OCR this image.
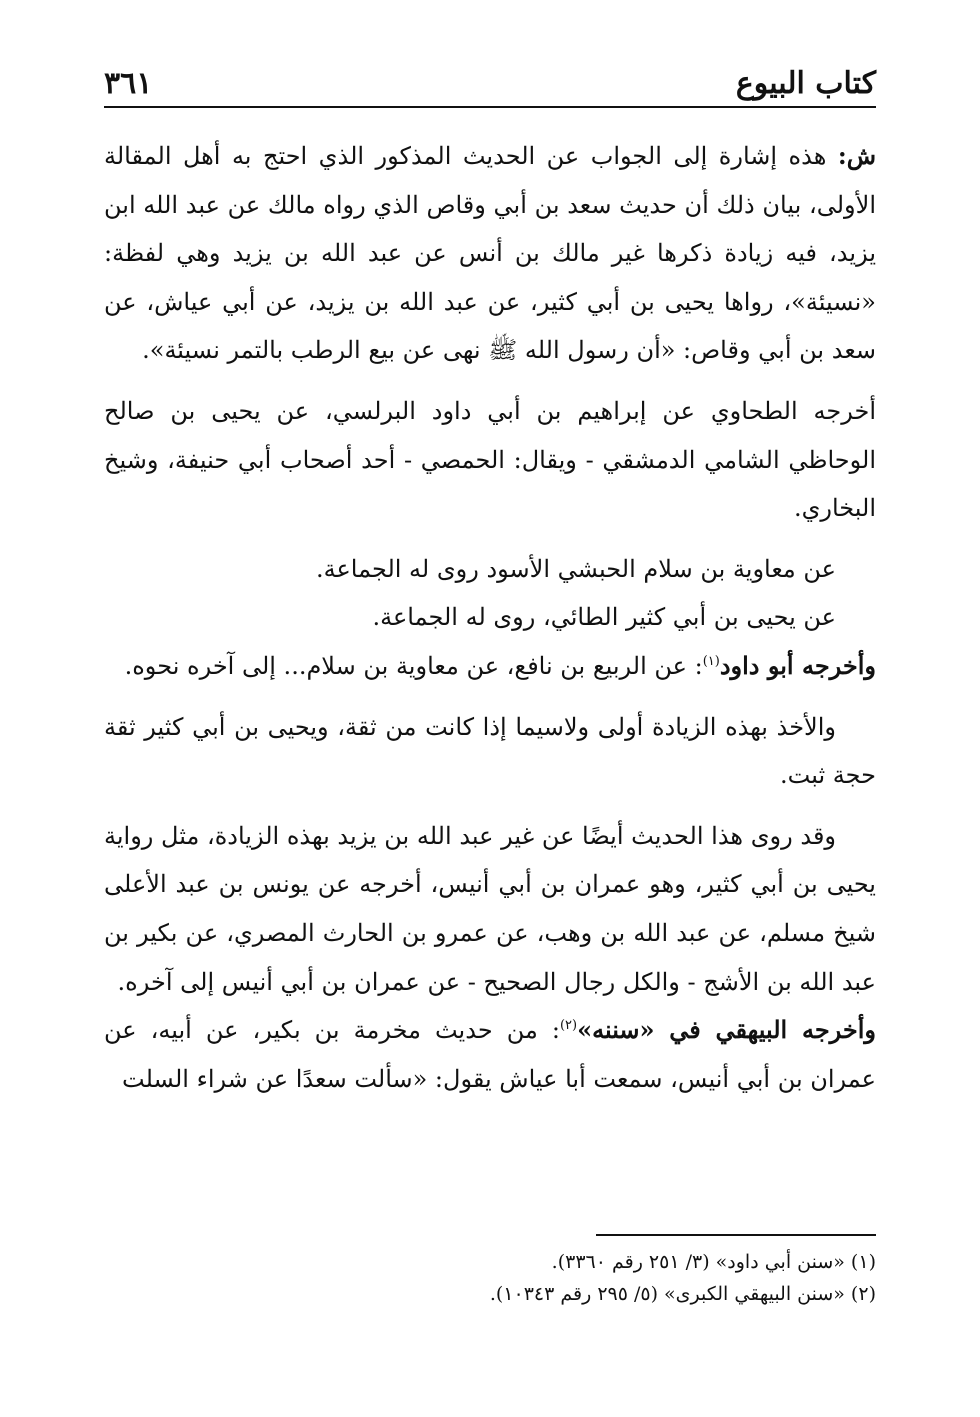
كتاب البيوع
٣٦١

ش: هذه إشارة إلى الجواب عن الحديث المذكور الذي احتج به أهل المقالة الأولى، بيان ذلك أن حديث سعد بن أبي وقاص الذي رواه مالك عن عبد الله ابن يزيد، فيه زيادة ذكرها غير مالك بن أنس عن عبد الله بن يزيد وهي لفظة: «نسيئة»، رواها يحيى بن أبي كثير، عن عبد الله بن يزيد، عن أبي عياش، عن سعد بن أبي وقاص: «أن رسول الله ﷺ نهى عن بيع الرطب بالتمر نسيئة».

أخرجه الطحاوي عن إبراهيم بن أبي داود البرلسي، عن يحيى بن صالح الوحاظي الشامي الدمشقي - ويقال: الحمصي - أحد أصحاب أبي حنيفة، وشيخ البخاري.

عن معاوية بن سلام الحبشي الأسود روى له الجماعة.

عن يحيى بن أبي كثير الطائي، روى له الجماعة.

وأخرجه أبو داود$^{(١)}$: عن الربيع بن نافع، عن معاوية بن سلام... إلى آخره نحوه.

والأخذ بهذه الزيادة أولى ولاسيما إذا كانت من ثقة، ويحيى بن أبي كثير ثقة حجة ثبت.

وقد روى هذا الحديث أيضًا عن غير عبد الله بن يزيد بهذه الزيادة، مثل رواية يحيى بن أبي كثير، وهو عمران بن أبي أنيس، أخرجه عن يونس بن عبد الأعلى شيخ مسلم، عن عبد الله بن وهب، عن عمرو بن الحارث المصري، عن بكير بن عبد الله بن الأشج - والكل رجال الصحيح - عن عمران بن أبي أنيس إلى آخره.

وأخرجه البيهقي في «سننه»$^{(٢)}$: من حديث مخرمة بن بكير، عن أبيه، عن عمران بن أبي أنيس، سمعت أبا عياش يقول: «سألت سعدًا عن شراء السلت

(١) «سنن أبي داود» (٣/ ٢٥١ رقم ٣٣٦٠).

(٢) «سنن البيهقي الكبرى» (٥/ ٢٩٥ رقم ١٠٣٤٣).
